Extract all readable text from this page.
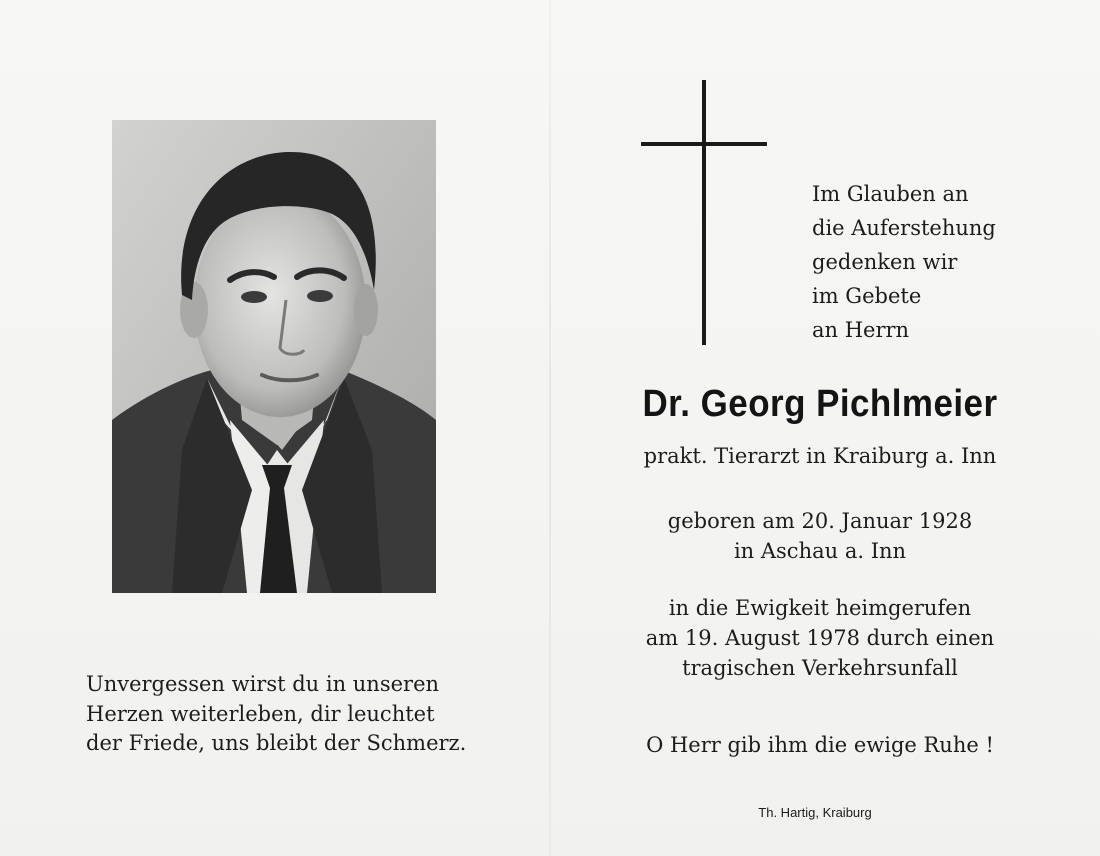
Unvergessen wirst du in unseren
Herzen weiterleben, dir leuchtet
der Friede, uns bleibt der Schmerz.
Im Glauben an
die Auferstehung
gedenken wir
im Gebete
an Herrn
Dr. Georg Pichlmeier
prakt. Tierarzt in Kraiburg a. Inn
geboren am 20. Januar 1928
in Aschau a. Inn
in die Ewigkeit heimgerufen
am 19. August 1978 durch einen
tragischen Verkehrsunfall
O Herr gib ihm die ewige Ruhe !
Th. Hartig, Kraiburg
